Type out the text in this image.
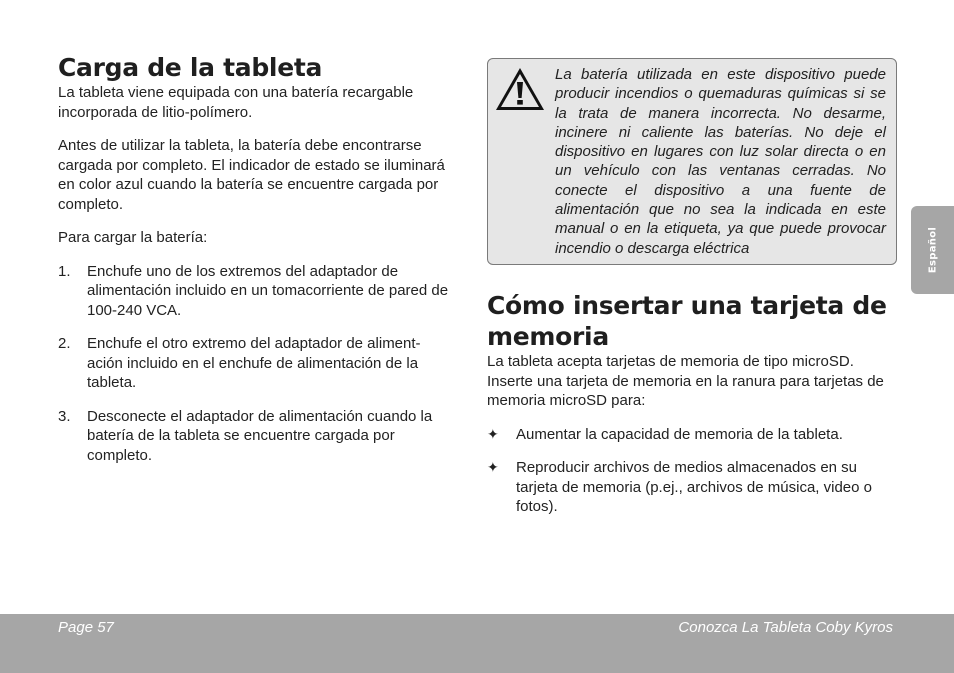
Carga de la tableta

La tableta viene equipada con una batería recargable incorporada de litio-polímero.

Antes de utilizar la tableta, la batería debe encontrarse cargada por completo. El indicador de estado se iluminará en color azul cuando la batería se encuentre cargada por completo.

Para cargar la batería:

1. Enchufe uno de los extremos del adaptador de alimentación incluido en un tomacorriente de pared de 100-240 VCA.
2. Enchufe el otro extremo del adaptador de aliment-ación incluido en el enchufe de alimentación de la tableta.
3. Desconecte el adaptador de alimentación cuando la batería de la tableta se encuentre cargada por completo.
La batería utilizada en este dispositivo puede producir incendios o quemaduras químicas si se la trata de manera incorrecta. No desarme, incinere ni caliente las baterías. No deje el dispositivo en lugares con luz solar directa o en un vehículo con las ventanas cerradas. No conecte el dispositivo a una fuente de alimentación que no sea la indicada en este manual o en la etiqueta, ya que puede provocar incendio o descarga eléctrica
Cómo insertar una tarjeta de memoria

La tableta acepta tarjetas de memoria de tipo microSD. Inserte una tarjeta de memoria en la ranura para tarjetas de memoria microSD para:

✦ Aumentar la capacidad de memoria de la tableta.
✦ Reproducir archivos de medios almacenados en su tarjeta de memoria (p.ej., archivos de música, video o fotos).
Español
Page 57	Conozca La Tableta Coby Kyros
